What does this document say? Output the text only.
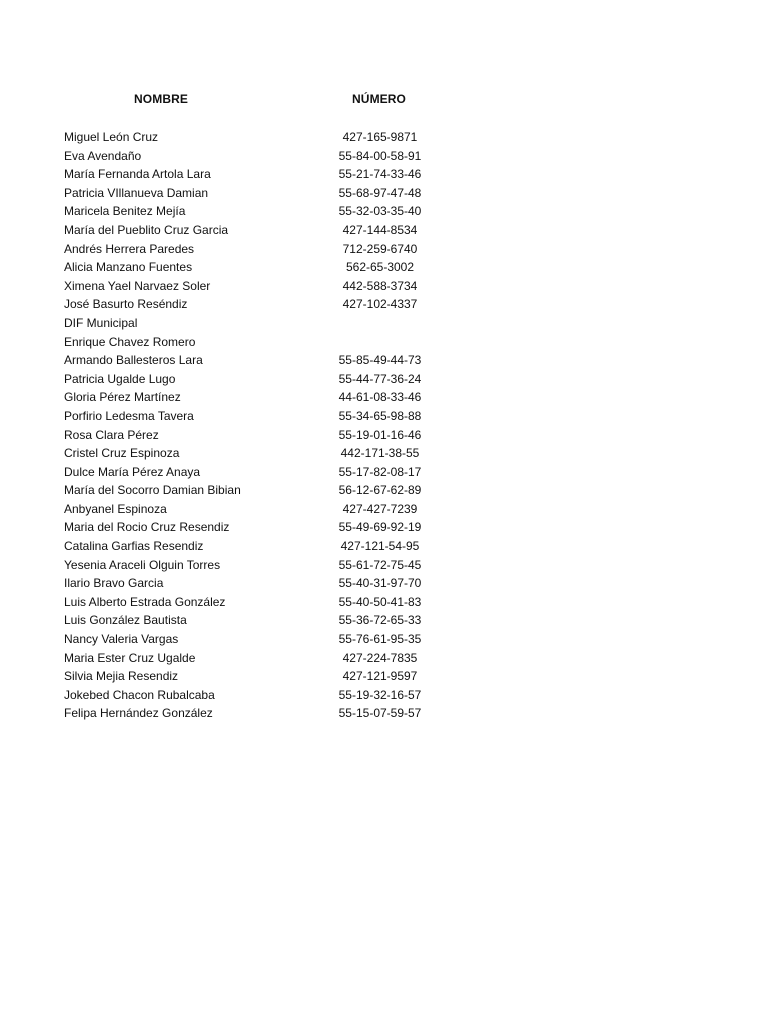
NOMBRE	NÚMERO
Miguel León Cruz	427-165-9871
Eva Avendaño	55-84-00-58-91
María Fernanda Artola Lara	55-21-74-33-46
Patricia VIllanueva Damian	55-68-97-47-48
Maricela Benitez Mejía	55-32-03-35-40
María del Pueblito Cruz Garcia	427-144-8534
Andrés Herrera Paredes	712-259-6740
Alicia Manzano Fuentes	562-65-3002
Ximena Yael Narvaez Soler	442-588-3734
José Basurto Reséndiz	427-102-4337
DIF Municipal
Enrique Chavez Romero
Armando Ballesteros Lara	55-85-49-44-73
Patricia Ugalde Lugo	55-44-77-36-24
Gloria Pérez Martínez	44-61-08-33-46
Porfirio Ledesma Tavera	55-34-65-98-88
Rosa Clara Pérez	55-19-01-16-46
Cristel Cruz Espinoza	442-171-38-55
Dulce María Pérez Anaya	55-17-82-08-17
María del Socorro Damian Bibian	56-12-67-62-89
Anbyanel Espinoza	427-427-7239
Maria del Rocio Cruz Resendiz	55-49-69-92-19
Catalina Garfias Resendiz	427-121-54-95
Yesenia Araceli Olguin Torres	55-61-72-75-45
Ilario Bravo Garcia	55-40-31-97-70
Luis Alberto Estrada González	55-40-50-41-83
Luis González Bautista	55-36-72-65-33
Nancy Valeria Vargas	55-76-61-95-35
Maria Ester Cruz Ugalde	427-224-7835
Silvia Mejia Resendiz	427-121-9597
Jokebed Chacon Rubalcaba	55-19-32-16-57
Felipa Hernández González	55-15-07-59-57
